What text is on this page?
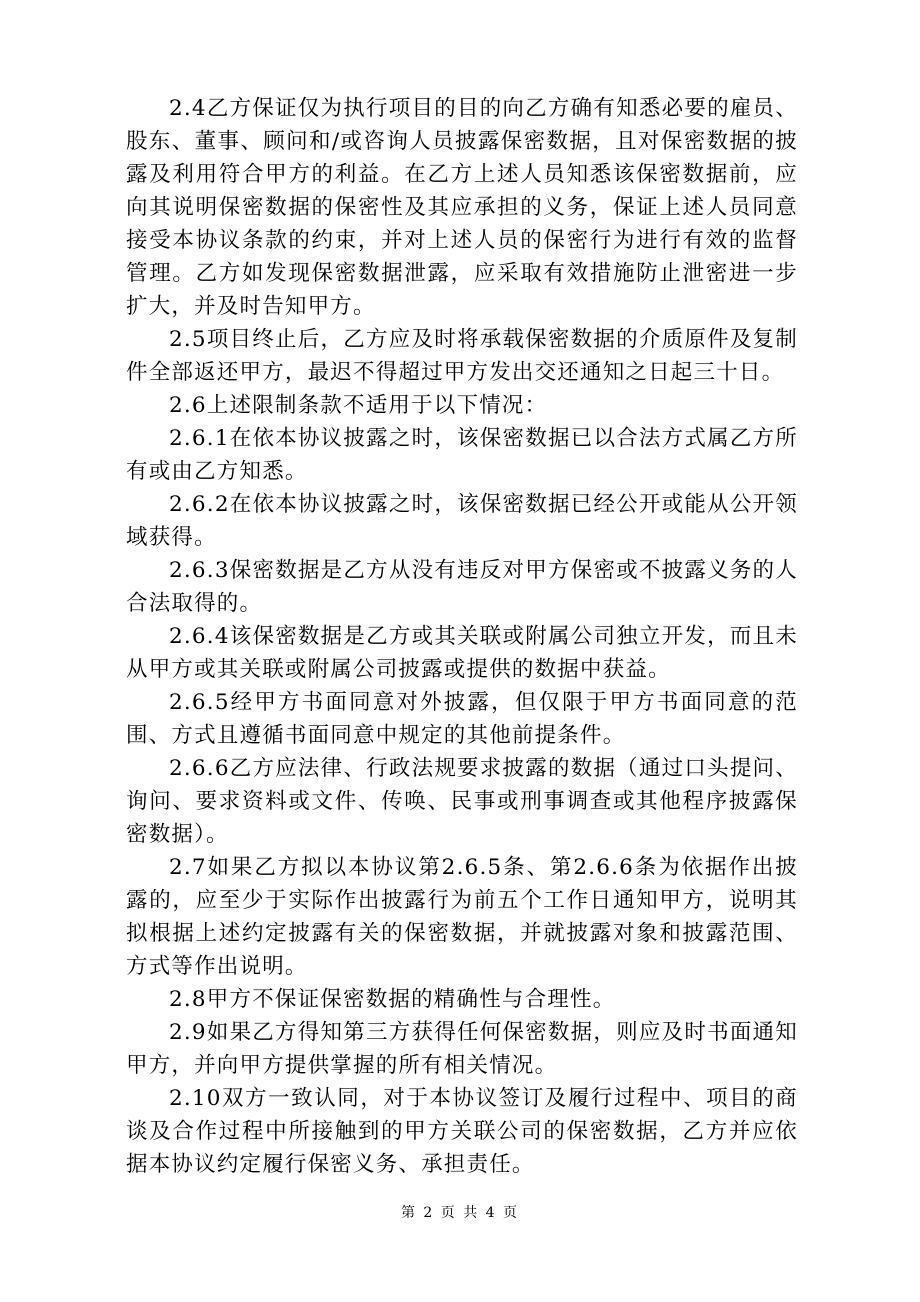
2.4乙方保证仅为执行项目的目的向乙方确有知悉必要的雇员、股东、董事、顾问和/或咨询人员披露保密数据，且对保密数据的披露及利用符合甲方的利益。在乙方上述人员知悉该保密数据前，应向其说明保密数据的保密性及其应承担的义务，保证上述人员同意接受本协议条款的约束，并对上述人员的保密行为进行有效的监督管理。乙方如发现保密数据泄露，应采取有效措施防止泄密进一步扩大，并及时告知甲方。

2.5项目终止后，乙方应及时将承载保密数据的介质原件及复制件全部返还甲方，最迟不得超过甲方发出交还通知之日起三十日。

2.6上述限制条款不适用于以下情况：

2.6.1在依本协议披露之时，该保密数据已以合法方式属乙方所有或由乙方知悉。

2.6.2在依本协议披露之时，该保密数据已经公开或能从公开领域获得。

2.6.3保密数据是乙方从没有违反对甲方保密或不披露义务的人合法取得的。

2.6.4该保密数据是乙方或其关联或附属公司独立开发，而且未从甲方或其关联或附属公司披露或提供的数据中获益。

2.6.5经甲方书面同意对外披露，但仅限于甲方书面同意的范围、方式且遵循书面同意中规定的其他前提条件。

2.6.6乙方应法律、行政法规要求披露的数据（通过口头提问、询问、要求资料或文件、传唤、民事或刑事调查或其他程序披露保密数据）。

2.7如果乙方拟以本协议第2.6.5条、第2.6.6条为依据作出披露的，应至少于实际作出披露行为前五个工作日通知甲方，说明其拟根据上述约定披露有关的保密数据，并就披露对象和披露范围、方式等作出说明。

2.8甲方不保证保密数据的精确性与合理性。

2.9如果乙方得知第三方获得任何保密数据，则应及时书面通知甲方，并向甲方提供掌握的所有相关情况。

2.10双方一致认同，对于本协议签订及履行过程中、项目的商谈及合作过程中所接触到的甲方关联公司的保密数据，乙方并应依据本协议约定履行保密义务、承担责任。

第 2 页 共 4 页
